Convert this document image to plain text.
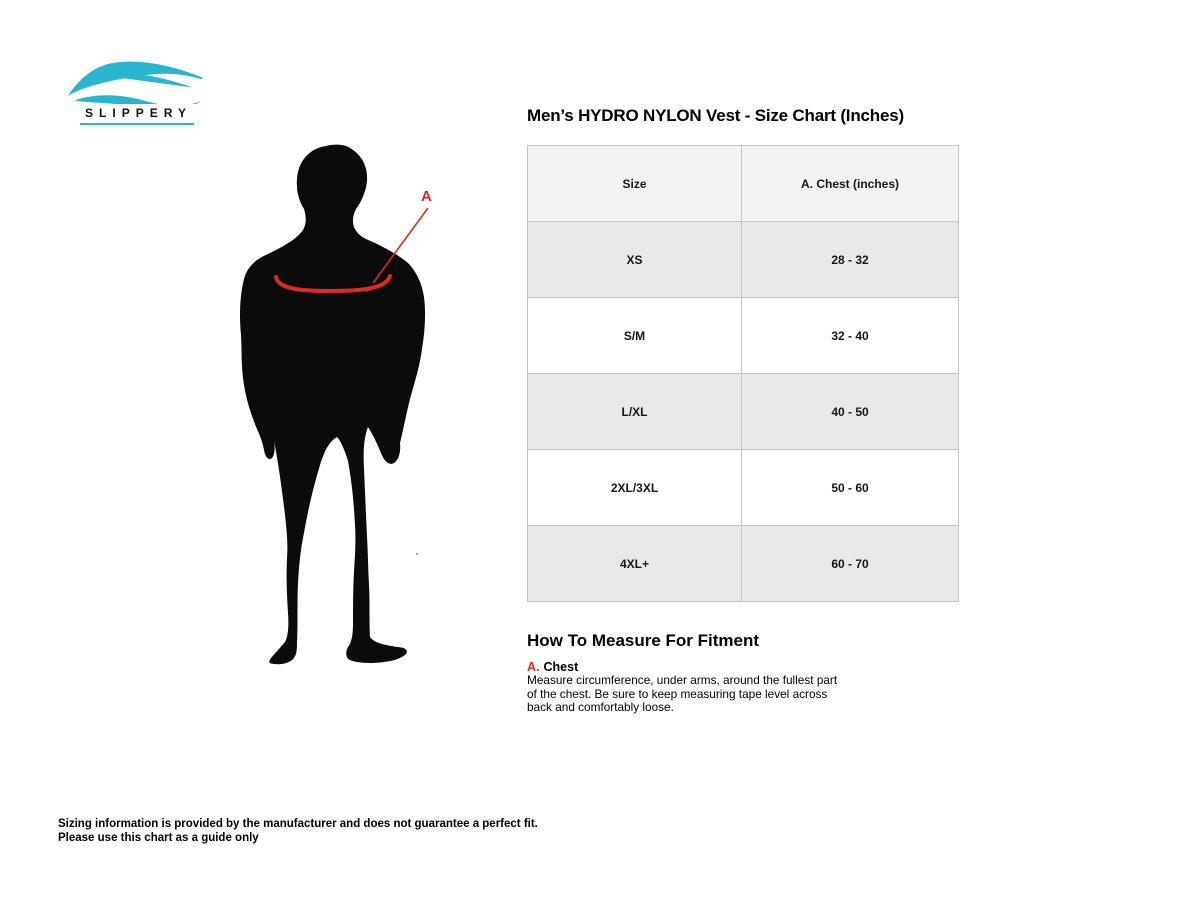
SLIPPERY
A
Men’s HYDRO NYLON Vest - Size Chart (Inches)
Size	A. Chest (inches)
XS	28 - 32
S/M	32 - 40
L/XL	40 - 50
2XL/3XL	50 - 60
4XL+	60 - 70
How To Measure For Fitment
A. Chest
Measure circumference, under arms, around the fullest part
of the chest. Be sure to keep measuring tape level across
back and comfortably loose.
Sizing information is provided by the manufacturer and does not guarantee a perfect fit.
Please use this chart as a guide only
